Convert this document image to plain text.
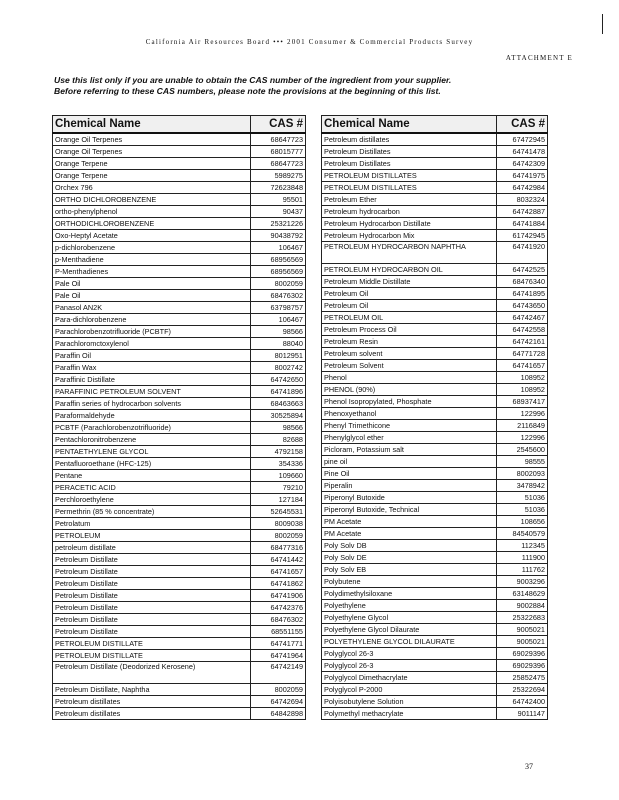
California Air Resources Board ••• 2001 Consumer & Commercial Products Survey
ATTACHMENT E
Use this list only if you are unable to obtain the CAS number of the ingredient from your supplier.
Before referring to these CAS numbers, please note the provisions at the beginning of this list.
Chemical Name	CAS #
Orange Oil Terpenes	68647723
Orange Oil Terpenes	68015777
Orange Terpene	68647723
Orange Terpene	5989275
Orchex 796	72623848
ORTHO DICHLOROBENZENE	95501
ortho-phenylphenol	90437
ORTHODICHLOROBENZENE	25321226
Oxo-Heptyl Acetate	90438792
p-dichlorobenzene	106467
p-Menthadiene	68956569
P-Menthadienes	68956569
Pale Oil	8002059
Pale Oil	68476302
Panasol AN2K	63798757
Para-dichlorobenzene	106467
Parachlorobenzotrifluoride (PCBTF)	98566
Parachloromctoxylenol	88040
Paraffin Oil	8012951
Paraffin Wax	8002742
Paraffinic Distillate	64742650
PARAFFINIC PETROLEUM SOLVENT	64741896
Paraffin series of hydrocarbon solvents	68463663
Paraformaldehyde	30525894
PCBTF (Parachlorobenzotrifluoride)	98566
Pentachloronitrobenzene	82688
PENTAETHYLENE GLYCOL	4792158
Pentafluoroethane (HFC-125)	354336
Pentane	109660
PERACETIC ACID	79210
Perchloroethylene	127184
Permethrin (85 % concentrate)	52645531
Petrolatum	8009038
PETROLEUM	8002059
petroleum distillate	68477316
Petroleum Distillate	64741442
Petroleum Distillate	64741657
Petroleum Distillate	64741862
Petroleum Distillate	64741906
Petroleum Distillate	64742376
Petroleum Distillate	68476302
Petroleum Distillate	68551155
PETROLEUM DISTILLATE	64741771
PETROLEUM DISTILLATE	64741964
Petroleum Distillate (Deodorized Kerosene)	64742149
Petroleum Distillate, Naphtha	8002059
Petroleum distillates	64742694
Petroleum distillates	64842898
Chemical Name	CAS #
Petroleum distillates	67472945
Petroleum Distillates	64741478
Petroleum Distillates	64742309
PETROLEUM DISTILLATES	64741975
PETROLEUM DISTILLATES	64742984
Petroleum Ether	8032324
Petroleum hydrocarbon	64742887
Petroleum Hydrocarbon Distillate	64741884
Petroleum Hydrocarbon Mix	61742945
PETROLEUM HYDROCARBON NAPHTHA	64741920
PETROLEUM HYDROCARBON OIL	64742525
Petroleum Middle Distillate	68476340
Petroleum Oil	64741895
Petroleum Oil	64743650
PETROLEUM OIL	64742467
Petroleum Process Oil	64742558
Petroleum Resin	64742161
Petroleum solvent	64771728
Petroleum Solvent	64741657
Phenol	108952
PHENOL (90%)	108952
Phenol Isopropylated, Phosphate	68937417
Phenoxyethanol	122996
Phenyl Trimethicone	2116849
Phenylglycol ether	122996
Picloram, Potassium salt	2545600
pine oil	98555
Pine Oil	8002093
Piperalin	3478942
Piperonyl Butoxide	51036
Piperonyl Butoxide, Technical	51036
PM Acetate	108656
PM Acetate	84540579
Poly Solv DB	112345
Poly Solv DE	111900
Poly Solv EB	111762
Polybutene	9003296
Polydimethylsiloxane	63148629
Polyethylene	9002884
Polyethylene Glycol	25322683
Polyethylene Glycol Dilaurate	9005021
POLYETHYLENE GLYCOL DILAURATE	9005021
Polyglycol 26-3	69029396
Polyglycol 26-3	69029396
Polyglycol Dimethacrylate	25852475
Polyglycol P-2000	25322694
Polyisobutylene Solution	64742400
Polymethyl methacrylate	9011147
37
